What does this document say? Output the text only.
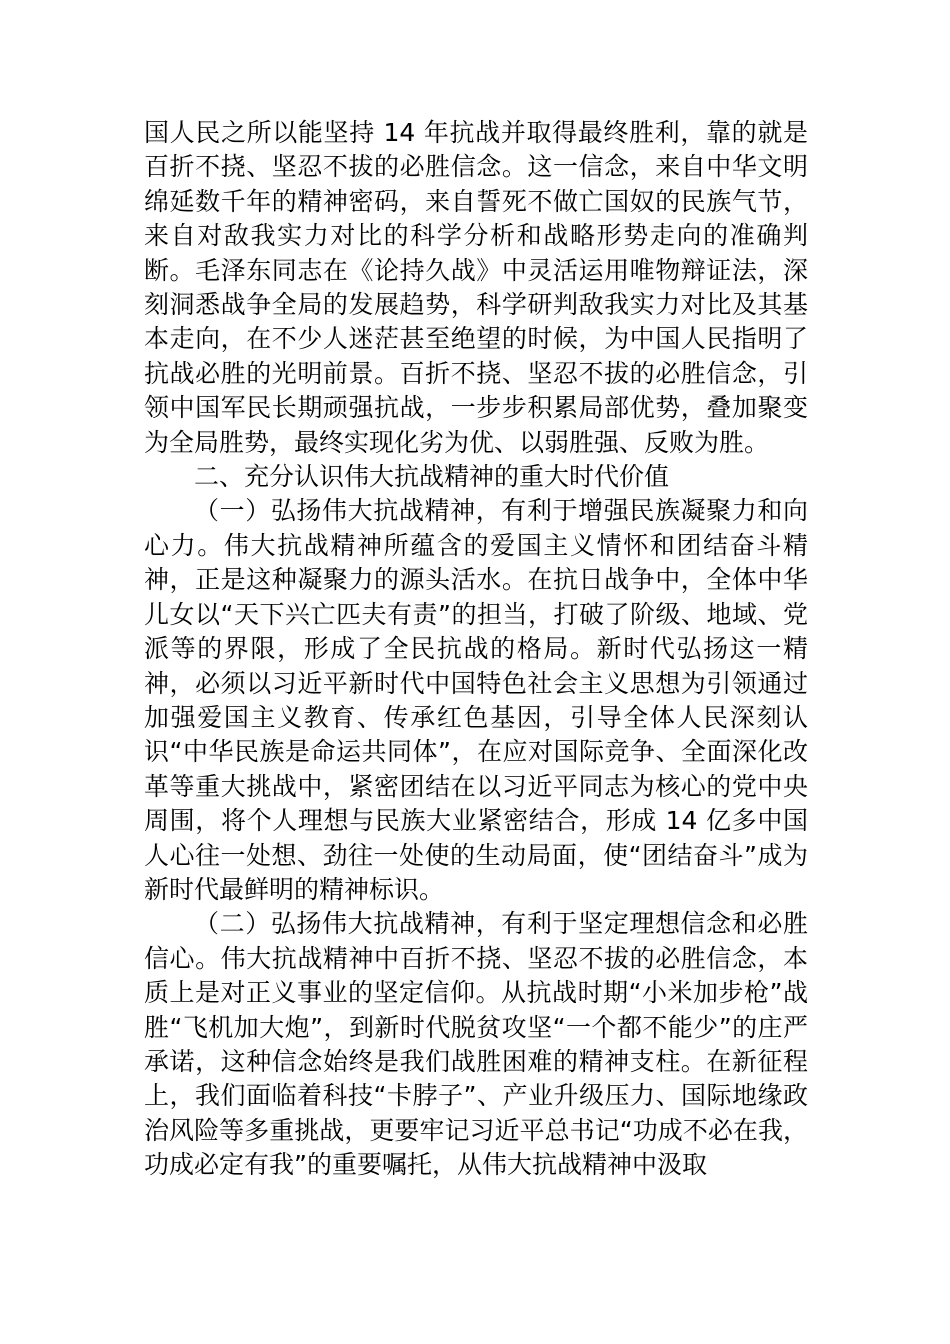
国人民之所以能坚持 14 年抗战并取得最终胜利，靠的就是百折不挠、坚忍不拔的必胜信念。这一信念，来自中华文明绵延数千年的精神密码，来自誓死不做亡国奴的民族气节，来自对敌我实力对比的科学分析和战略形势走向的准确判断。毛泽东同志在《论持久战》中灵活运用唯物辩证法，深刻洞悉战争全局的发展趋势，科学研判敌我实力对比及其基本走向，在不少人迷茫甚至绝望的时候，为中国人民指明了抗战必胜的光明前景。百折不挠、坚忍不拔的必胜信念，引领中国军民长期顽强抗战，一步步积累局部优势，叠加聚变为全局胜势，最终实现化劣为优、以弱胜强、反败为胜。

二、充分认识伟大抗战精神的重大时代价值

（一）弘扬伟大抗战精神，有利于增强民族凝聚力和向心力。伟大抗战精神所蕴含的爱国主义情怀和团结奋斗精神，正是这种凝聚力的源头活水。在抗日战争中，全体中华儿女以“天下兴亡匹夫有责”的担当，打破了阶级、地域、党派等的界限，形成了全民抗战的格局。新时代弘扬这一精神，必须以习近平新时代中国特色社会主义思想为引领通过加强爱国主义教育、传承红色基因，引导全体人民深刻认识“中华民族是命运共同体”，在应对国际竞争、全面深化改革等重大挑战中，紧密团结在以习近平同志为核心的党中央周围，将个人理想与民族大业紧密结合，形成 14 亿多中国人心往一处想、劲往一处使的生动局面，使“团结奋斗”成为新时代最鲜明的精神标识。

（二）弘扬伟大抗战精神，有利于坚定理想信念和必胜信心。伟大抗战精神中百折不挠、坚忍不拔的必胜信念，本质上是对正义事业的坚定信仰。从抗战时期“小米加步枪”战胜“飞机加大炮”，到新时代脱贫攻坚“一个都不能少”的庄严承诺，这种信念始终是我们战胜困难的精神支柱。在新征程上，我们面临着科技“卡脖子”、产业升级压力、国际地缘政治风险等多重挑战，更要牢记习近平总书记“功成不必在我，功成必定有我”的重要嘱托，从伟大抗战精神中汲取
